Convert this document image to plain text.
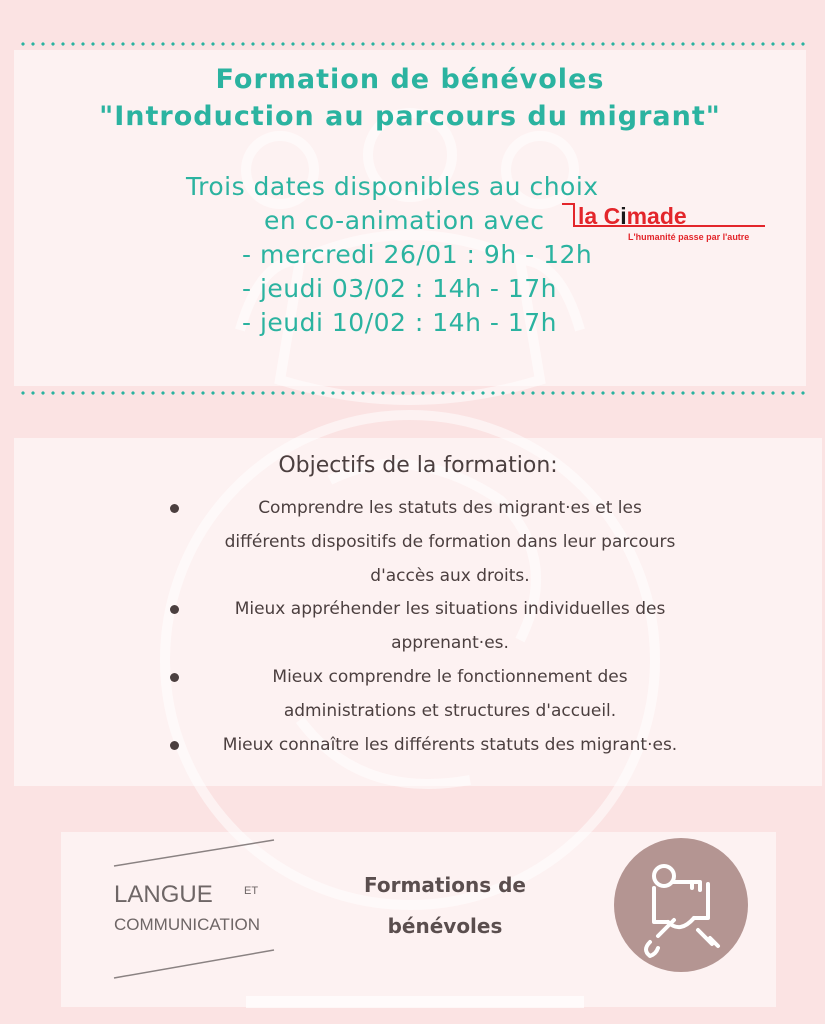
Formation de bénévoles
"Introduction au parcours du migrant"
Trois dates disponibles au choix
en co-animation avec
- mercredi 26/01 : 9h - 12h
- jeudi 03/02 : 14h - 17h
- jeudi 10/02 : 14h - 17h
la Cimade
L'humanité passe par l'autre
Objectifs de la formation:
Comprendre les statuts des migrant·es et les
différents dispositifs de formation dans leur parcours
d'accès aux droits.
Mieux appréhender les situations individuelles des
apprenant·es.
Mieux comprendre le fonctionnement des
administrations et structures d'accueil.
Mieux connaître les différents statuts des migrant·es.
LANGUE	ET
COMMUNICATION
Formations de
bénévoles
